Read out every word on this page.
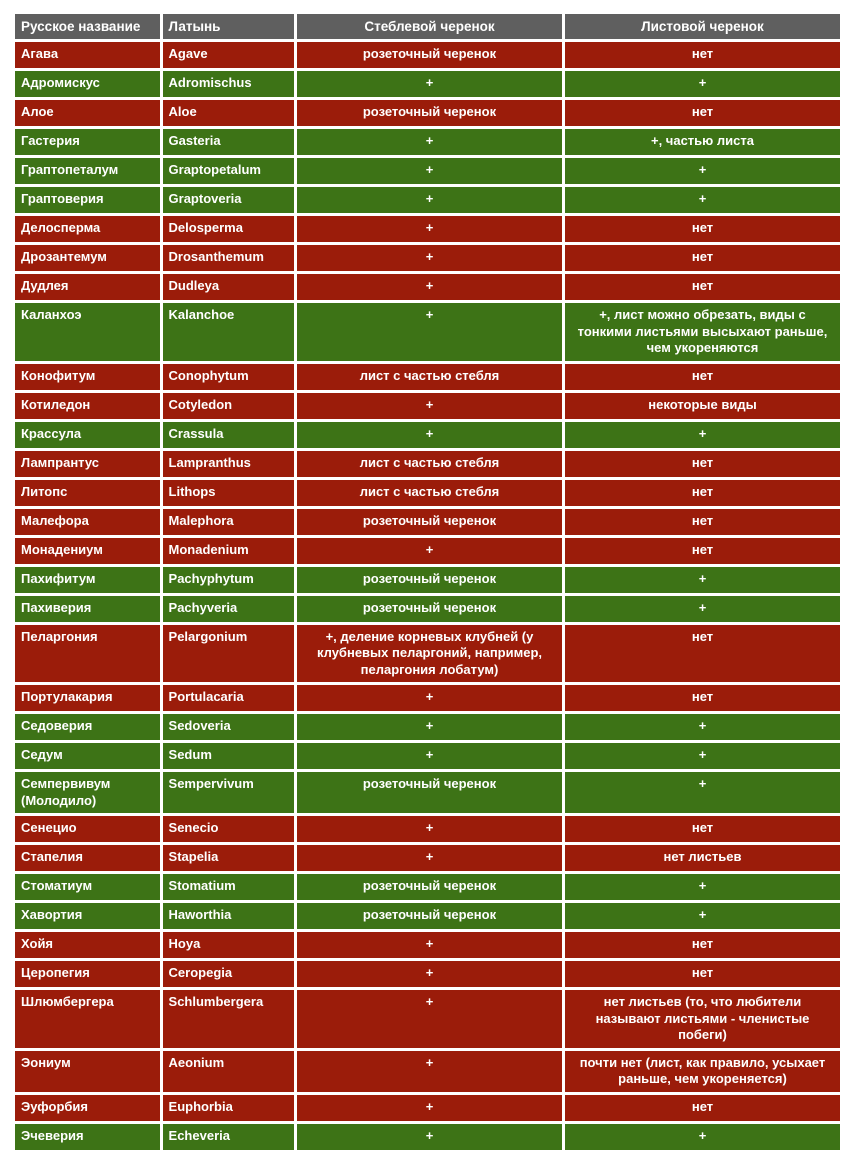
Русское название	Латынь	Стеблевой черенок	Листовой черенок
Агава	Agave	розеточный черенок	нет
Адромискус	Adromischus	+	+
Алое	Aloe	розеточный черенок	нет
Гастерия	Gasteria	+	+, частью листа
Граптопеталум	Graptopetalum	+	+
Граптоверия	Graptoveria	+	+
Делосперма	Delosperma	+	нет
Дрозантемум	Drosanthemum	+	нет
Дудлея	Dudleya	+	нет
Каланхоэ	Kalanchoe	+	+, лист можно обрезать, виды с тонкими листьями высыхают раньше, чем укореняются
Конофитум	Conophytum	лист с частью стебля	нет
Котиледон	Cotyledon	+	некоторые виды
Крассула	Crassula	+	+
Лампрантус	Lampranthus	лист с частью стебля	нет
Литопс	Lithops	лист с частью стебля	нет
Малефора	Malephora	розеточный черенок	нет
Монадениум	Monadenium	+	нет
Пахифитум	Pachyphytum	розеточный черенок	+
Пахиверия	Pachyveria	розеточный черенок	+
Пеларгония	Pelargonium	+, деление корневых клубней (у клубневых пеларгоний, например, пеларгония лобатум)	нет
Портулакария	Portulacaria	+	нет
Седоверия	Sedoveria	+	+
Седум	Sedum	+	+
Семпервивум (Молодило)	Sempervivum	розеточный черенок	+
Сенецио	Senecio	+	нет
Стапелия	Stapelia	+	нет листьев
Стоматиум	Stomatium	розеточный черенок	+
Хавортия	Haworthia	розеточный черенок	+
Хойя	Hoya	+	нет
Церопегия	Ceropegia	+	нет
Шлюмбергера	Schlumbergera	+	нет листьев (то, что любители называют листьями - членистые побеги)
Эониум	Aeonium	+	почти нет (лист, как правило, усыхает раньше, чем укореняется)
Эуфорбия	Euphorbia	+	нет
Эчеверия	Echeveria	+	+
